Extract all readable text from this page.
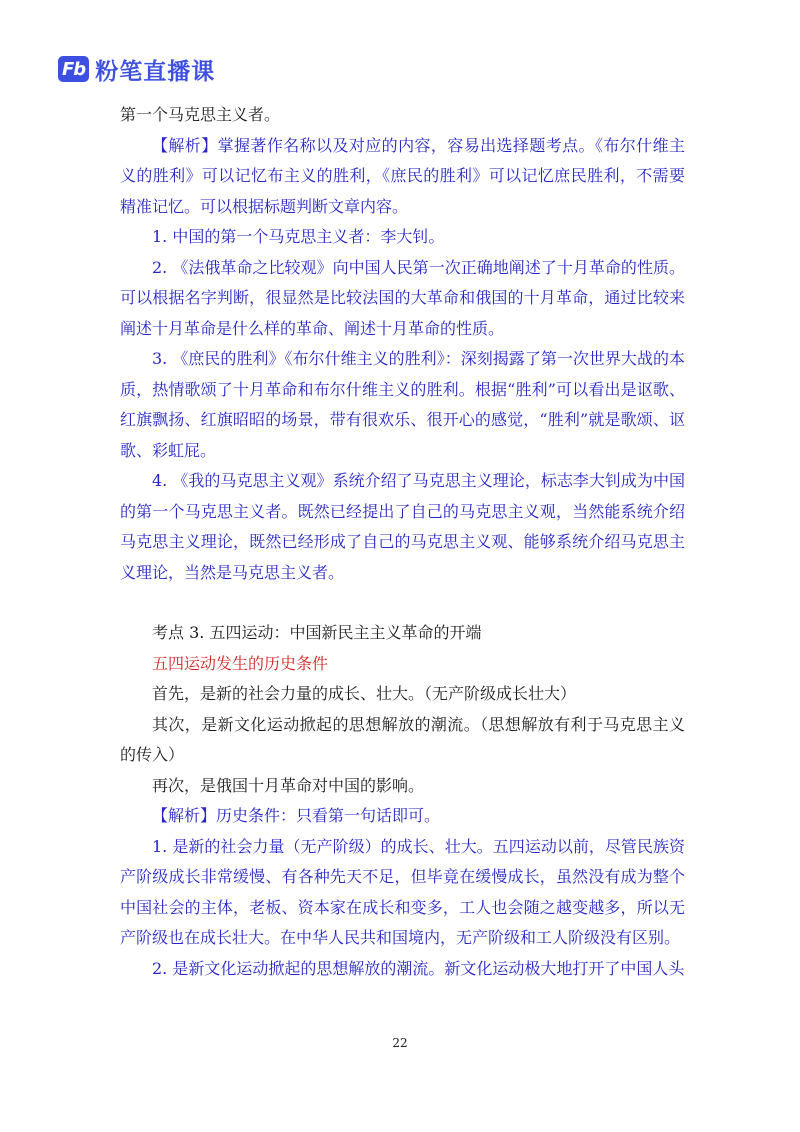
Fb 粉笔直播课

第一个马克思主义者。

【解析】掌握著作名称以及对应的内容，容易出选择题考点。《布尔什维主义的胜利》可以记忆布主义的胜利，《庶民的胜利》可以记忆庶民胜利，不需要精准记忆。可以根据标题判断文章内容。

1. 中国的第一个马克思主义者：李大钊。

2. 《法俄革命之比较观》向中国人民第一次正确地阐述了十月革命的性质。可以根据名字判断，很显然是比较法国的大革命和俄国的十月革命，通过比较来阐述十月革命是什么样的革命、阐述十月革命的性质。

3. 《庶民的胜利》《布尔什维主义的胜利》：深刻揭露了第一次世界大战的本质，热情歌颂了十月革命和布尔什维主义的胜利。根据“胜利”可以看出是讴歌、红旗飘扬、红旗昭昭的场景，带有很欢乐、很开心的感觉，“胜利”就是歌颂、讴歌、彩虹屁。

4. 《我的马克思主义观》系统介绍了马克思主义理论，标志李大钊成为中国的第一个马克思主义者。既然已经提出了自己的马克思主义观，当然能系统介绍马克思主义理论，既然已经形成了自己的马克思主义观、能够系统介绍马克思主义理论，当然是马克思主义者。

考点 3. 五四运动：中国新民主主义革命的开端

五四运动发生的历史条件

首先，是新的社会力量的成长、壮大。（无产阶级成长壮大）

其次，是新文化运动掀起的思想解放的潮流。（思想解放有利于马克思主义的传入）

再次，是俄国十月革命对中国的影响。

【解析】历史条件：只看第一句话即可。

1. 是新的社会力量（无产阶级）的成长、壮大。五四运动以前，尽管民族资产阶级成长非常缓慢、有各种先天不足，但毕竟在缓慢成长，虽然没有成为整个中国社会的主体，老板、资本家在成长和变多，工人也会随之越变越多，所以无产阶级也在成长壮大。在中华人民共和国境内，无产阶级和工人阶级没有区别。

2. 是新文化运动掀起的思想解放的潮流。新文化运动极大地打开了中国人头

22
